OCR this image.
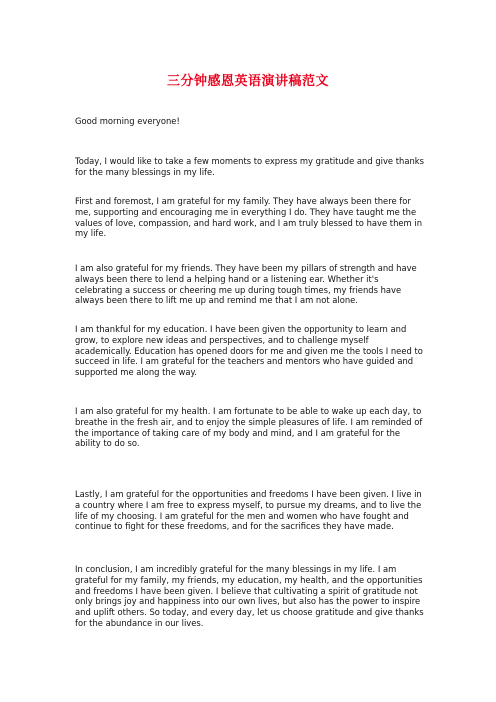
三分钟感恩英语演讲稿范文

Good morning everyone!

Today, I would like to take a few moments to express my gratitude and give thanks for the many blessings in my life.

First and foremost, I am grateful for my family. They have always been there for me, supporting and encouraging me in everything I do. They have taught me the values of love, compassion, and hard work, and I am truly blessed to have them in my life.

I am also grateful for my friends. They have been my pillars of strength and have always been there to lend a helping hand or a listening ear. Whether it's celebrating a success or cheering me up during tough times, my friends have always been there to lift me up and remind me that I am not alone.

I am thankful for my education. I have been given the opportunity to learn and grow, to explore new ideas and perspectives, and to challenge myself academically. Education has opened doors for me and given me the tools I need to succeed in life. I am grateful for the teachers and mentors who have guided and supported me along the way.

I am also grateful for my health. I am fortunate to be able to wake up each day, to breathe in the fresh air, and to enjoy the simple pleasures of life. I am reminded of the importance of taking care of my body and mind, and I am grateful for the ability to do so.

Lastly, I am grateful for the opportunities and freedoms I have been given. I live in a country where I am free to express myself, to pursue my dreams, and to live the life of my choosing. I am grateful for the men and women who have fought and continue to fight for these freedoms, and for the sacrifices they have made.

In conclusion, I am incredibly grateful for the many blessings in my life. I am grateful for my family, my friends, my education, my health, and the opportunities and freedoms I have been given. I believe that cultivating a spirit of gratitude not only brings joy and happiness into our own lives, but also has the power to inspire and uplift others. So today, and every day, let us choose gratitude and give thanks for the abundance in our lives.
